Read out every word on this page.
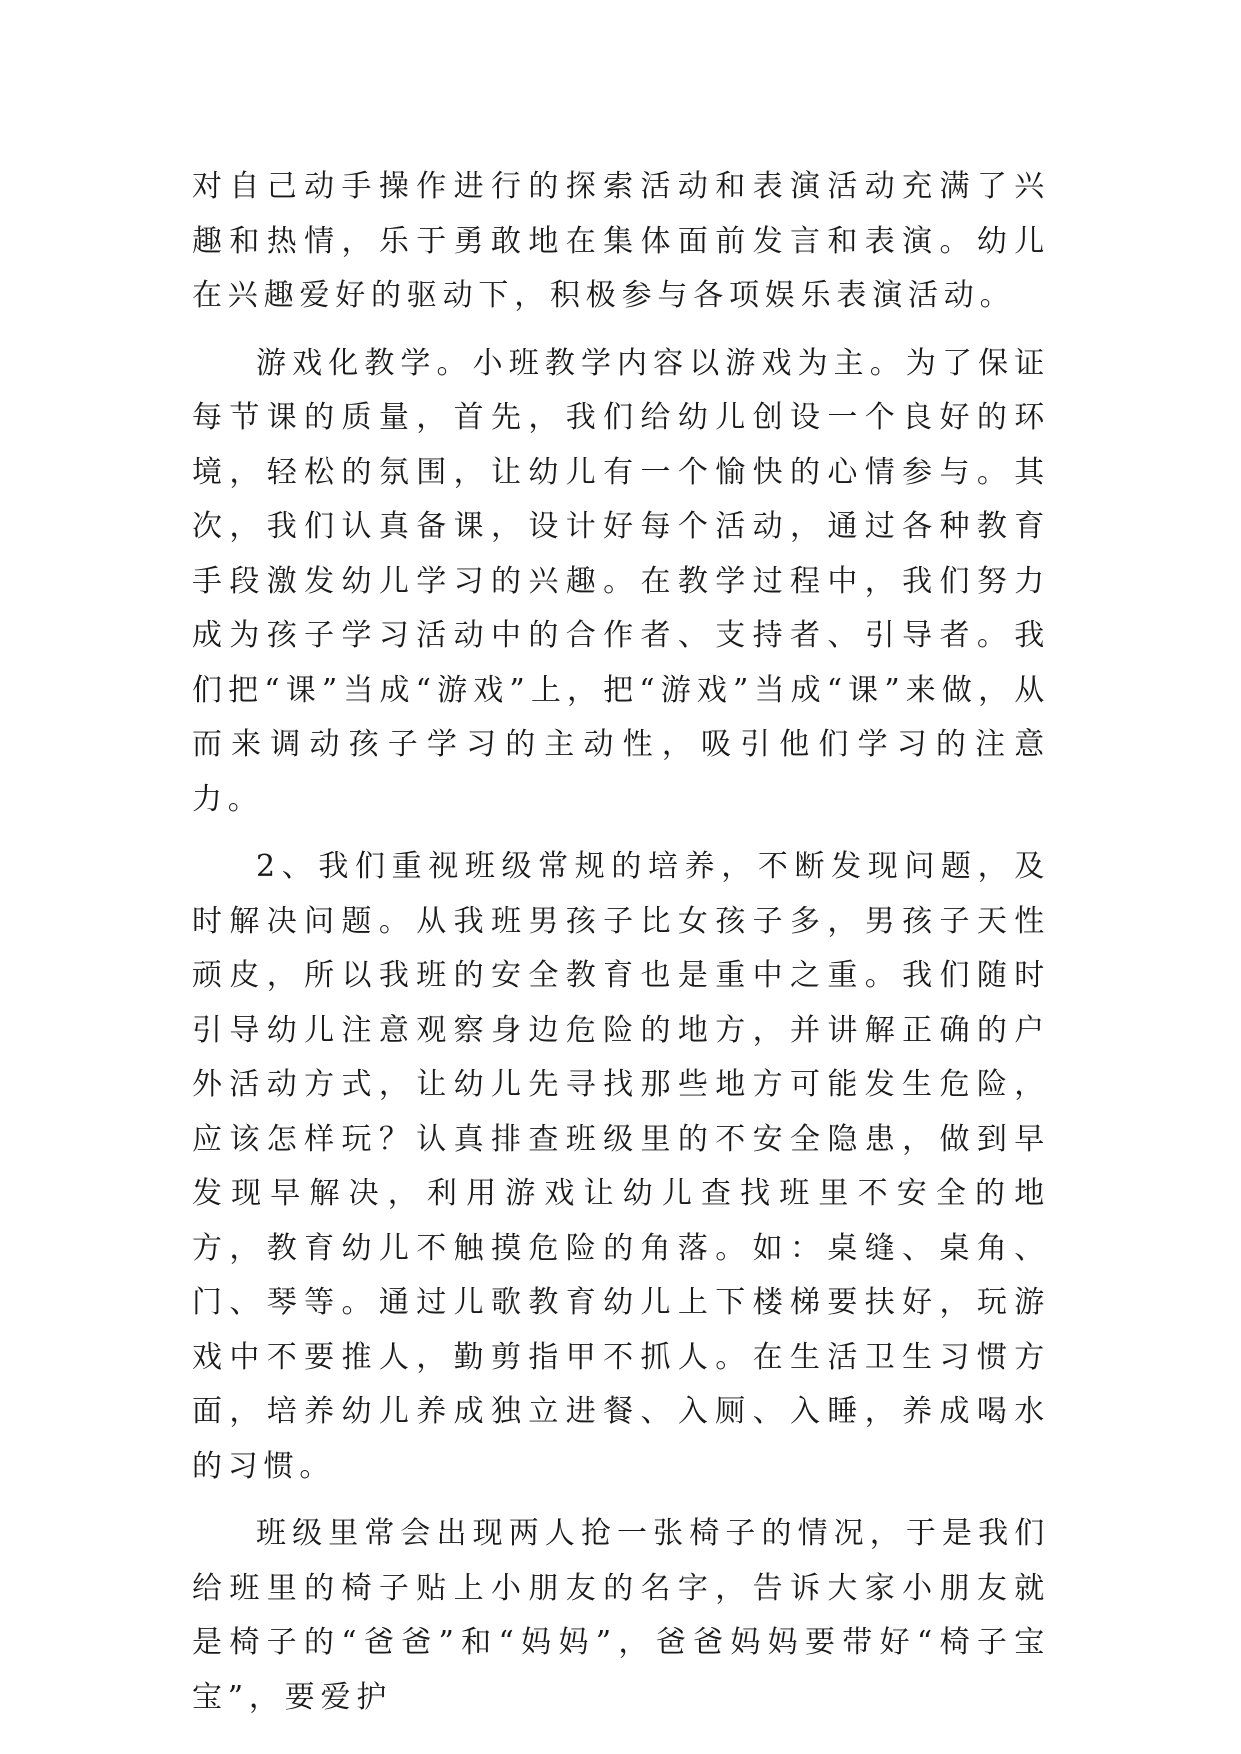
对自己动手操作进行的探索活动和表演活动充满了兴趣和热情，乐于勇敢地在集体面前发言和表演。幼儿在兴趣爱好的驱动下，积极参与各项娱乐表演活动。

游戏化教学。小班教学内容以游戏为主。为了保证每节课的质量，首先，我们给幼儿创设一个良好的环境，轻松的氛围，让幼儿有一个愉快的心情参与。其次，我们认真备课，设计好每个活动，通过各种教育手段激发幼儿学习的兴趣。在教学过程中，我们努力成为孩子学习活动中的合作者、支持者、引导者。我们把“课”当成“游戏”上，把“游戏”当成“课”来做，从而来调动孩子学习的主动性，吸引他们学习的注意力。

2、我们重视班级常规的培养，不断发现问题，及时解决问题。从我班男孩子比女孩子多，男孩子天性顽皮，所以我班的安全教育也是重中之重。我们随时引导幼儿注意观察身边危险的地方，并讲解正确的户外活动方式，让幼儿先寻找那些地方可能发生危险，应该怎样玩？认真排查班级里的不安全隐患，做到早发现早解决，利用游戏让幼儿查找班里不安全的地方，教育幼儿不触摸危险的角落。如：桌缝、桌角、门、琴等。通过儿歌教育幼儿上下楼梯要扶好，玩游戏中不要推人，勤剪指甲不抓人。在生活卫生习惯方面，培养幼儿养成独立进餐、入厕、入睡，养成喝水的习惯。

班级里常会出现两人抢一张椅子的情况，于是我们给班里的椅子贴上小朋友的名字，告诉大家小朋友就是椅子的“爸爸”和“妈妈”，爸爸妈妈要带好“椅子宝宝”，要爱护
